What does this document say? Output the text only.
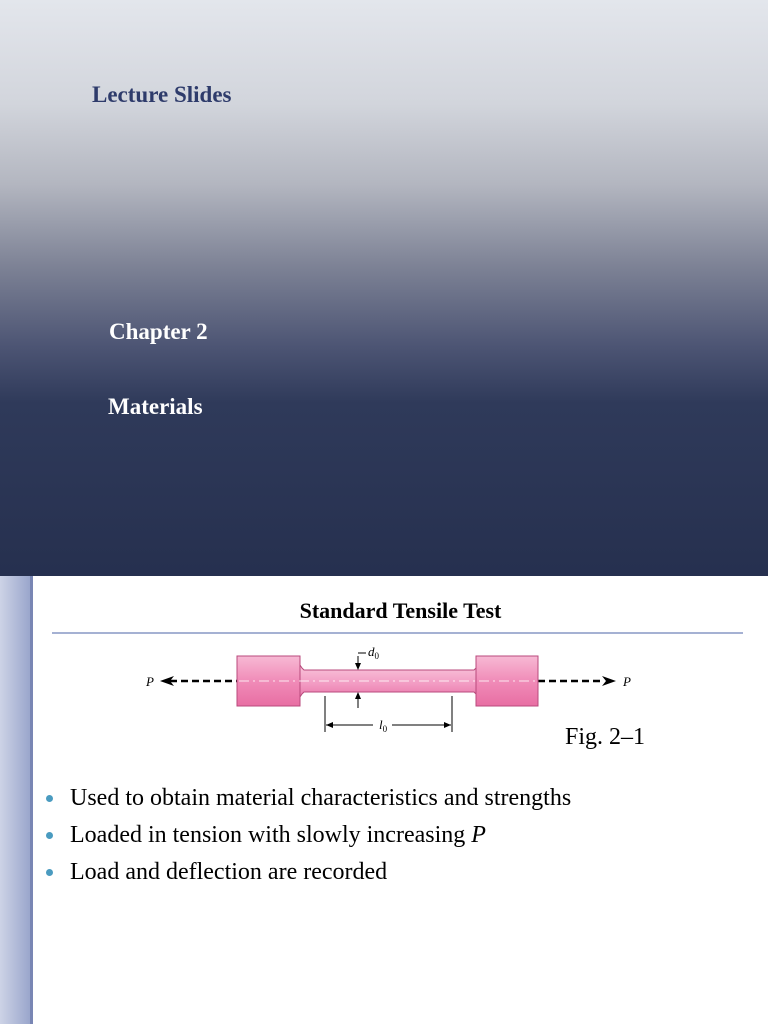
Lecture Slides
Chapter 2
Materials
Standard Tensile Test
P	P
$d_0$
$l_0$	Fig. 2–1
Used to obtain material characteristics and strengths
Loaded in tension with slowly increasing P
Load and deflection are recorded
